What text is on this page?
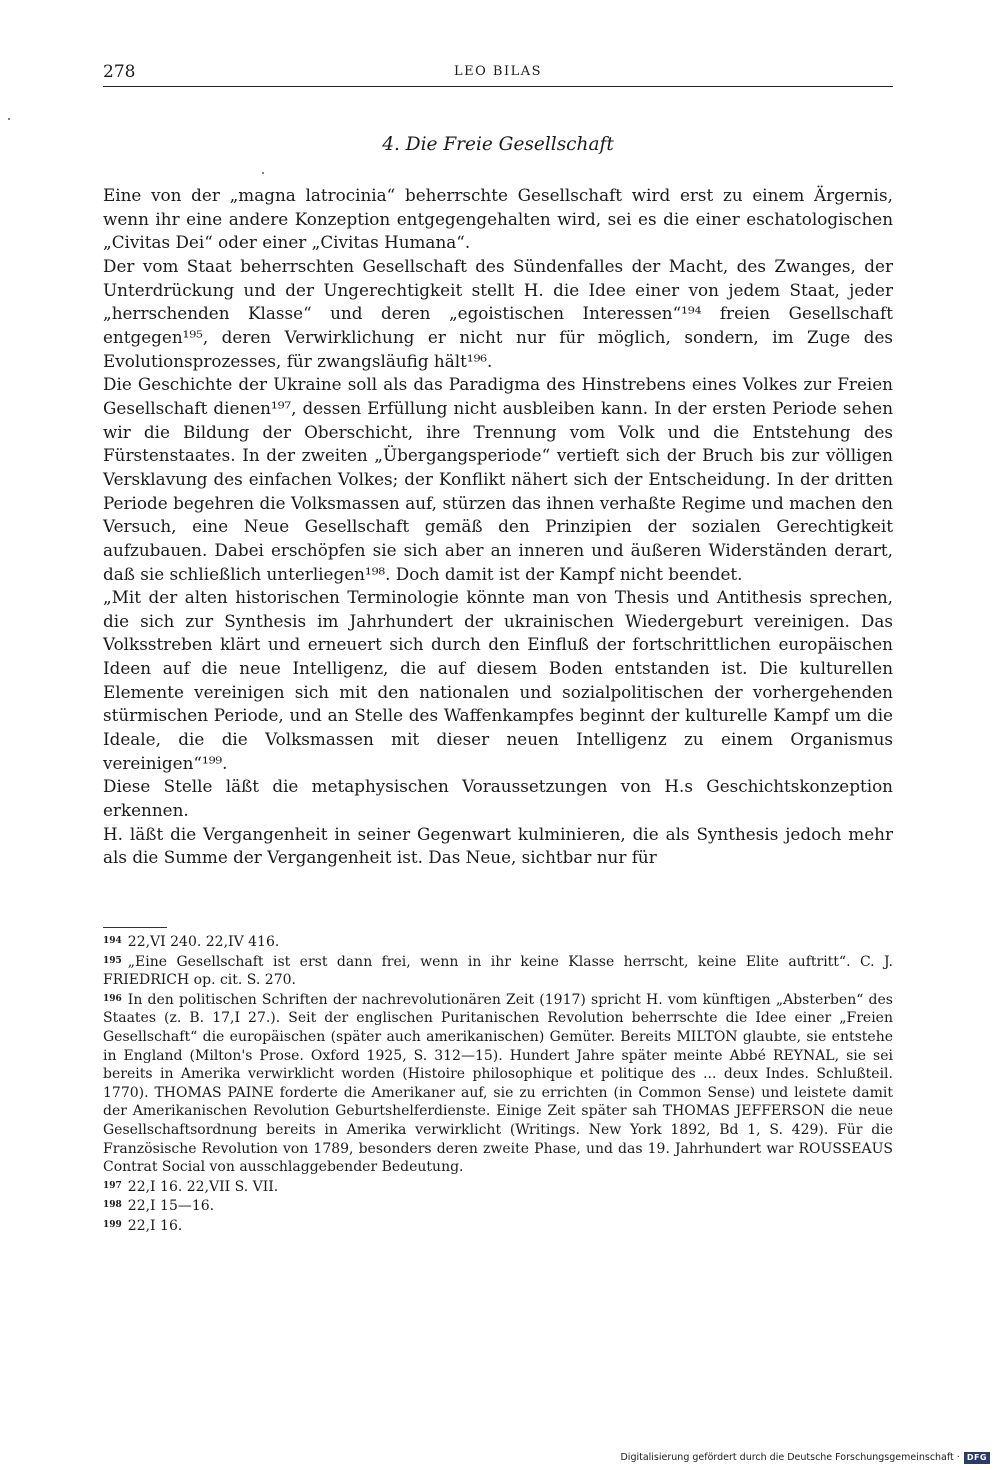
278	LEO BILAS
4. Die Freie Gesellschaft

Eine von der „magna latrocinia“ beherrschte Gesellschaft wird erst zu einem Ärgernis, wenn ihr eine andere Konzeption entgegengehalten wird, sei es die einer eschatologischen „Civitas Dei“ oder einer „Civitas Humana“.

Der vom Staat beherrschten Gesellschaft des Sündenfalles der Macht, des Zwanges, der Unterdrückung und der Ungerechtigkeit stellt H. die Idee einer von jedem Staat, jeder „herrschenden Klasse“ und deren „egoistischen Interessen“¹⁹⁴ freien Gesellschaft entgegen¹⁹⁵, deren Verwirklichung er nicht nur für möglich, sondern, im Zuge des Evolutionsprozesses, für zwangsläufig hält¹⁹⁶.

Die Geschichte der Ukraine soll als das Paradigma des Hinstrebens eines Volkes zur Freien Gesellschaft dienen¹⁹⁷, dessen Erfüllung nicht ausbleiben kann. In der ersten Periode sehen wir die Bildung der Oberschicht, ihre Trennung vom Volk und die Entstehung des Fürstenstaates. In der zweiten „Übergangsperiode“ vertieft sich der Bruch bis zur völligen Versklavung des einfachen Volkes; der Konflikt nähert sich der Entscheidung. In der dritten Periode begehren die Volksmassen auf, stürzen das ihnen verhaßte Regime und machen den Versuch, eine Neue Gesellschaft gemäß den Prinzipien der sozialen Gerechtigkeit aufzubauen. Dabei erschöpfen sie sich aber an inneren und äußeren Widerständen derart, daß sie schließlich unterliegen¹⁹⁸. Doch damit ist der Kampf nicht beendet.

„Mit der alten historischen Terminologie könnte man von Thesis und Antithesis sprechen, die sich zur Synthesis im Jahrhundert der ukrainischen Wiedergeburt vereinigen. Das Volksstreben klärt und erneuert sich durch den Einfluß der fortschrittlichen europäischen Ideen auf die neue Intelligenz, die auf diesem Boden entstanden ist. Die kulturellen Elemente vereinigen sich mit den nationalen und sozialpolitischen der vorhergehenden stürmischen Periode, und an Stelle des Waffenkampfes beginnt der kulturelle Kampf um die Ideale, die die Volksmassen mit dieser neuen Intelligenz zu einem Organismus vereinigen“¹⁹⁹.

Diese Stelle läßt die metaphysischen Voraussetzungen von H.s Geschichtskonzeption erkennen.

H. läßt die Vergangenheit in seiner Gegenwart kulminieren, die als Synthesis jedoch mehr als die Summe der Vergangenheit ist. Das Neue, sichtbar nur für

194 22,VI 240. 22,IV 416.

195 „Eine Gesellschaft ist erst dann frei, wenn in ihr keine Klasse herrscht, keine Elite auftritt“. C. J. FRIEDRICH op. cit. S. 270.

196 In den politischen Schriften der nachrevolutionären Zeit (1917) spricht H. vom künftigen „Absterben“ des Staates (z. B. 17,I 27.). Seit der englischen Puritanischen Revolution beherrschte die Idee einer „Freien Gesellschaft“ die europäischen (später auch amerikanischen) Gemüter. Bereits MILTON glaubte, sie entstehe in England (Milton's Prose. Oxford 1925, S. 312—15). Hundert Jahre später meinte Abbé REYNAL, sie sei bereits in Amerika verwirklicht worden (Histoire philosophique et politique des ... deux Indes. Schlußteil. 1770). THOMAS PAINE forderte die Amerikaner auf, sie zu errichten (in Common Sense) und leistete damit der Amerikanischen Revolution Geburtshelferdienste. Einige Zeit später sah THOMAS JEFFERSON die neue Gesellschaftsordnung bereits in Amerika verwirklicht (Writings. New York 1892, Bd 1, S. 429). Für die Französische Revolution von 1789, besonders deren zweite Phase, und das 19. Jahrhundert war ROUSSEAUS Contrat Social von ausschlaggebender Bedeutung.

197 22,I 16. 22,VII S. VII.

198 22,I 15—16.

199 22,I 16.

Digitalisierung gefördert durch die Deutsche Forschungsgemeinschaft · DFG
